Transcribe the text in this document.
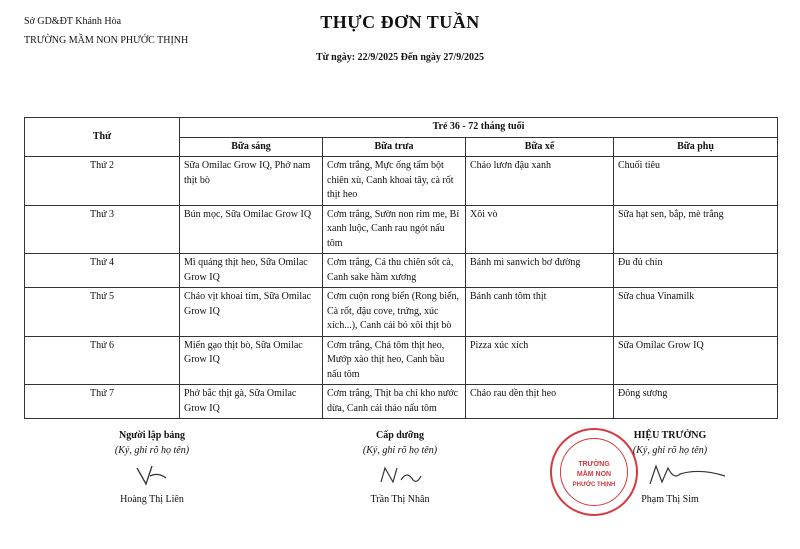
Sở GD&ĐT Khánh Hòa
TRƯỜNG MẦM NON PHƯỚC THỊNH
THỰC ĐƠN TUẦN
Từ ngày: 22/9/2025 Đến ngày 27/9/2025
Thứ	Trẻ 36 - 72 tháng tuổi			
	Bữa sáng	Bữa trưa	Bữa xế	Bữa phụ
Thứ 2	Sữa Omilac Grow IQ, Phở nam thịt bò	Cơm trắng, Mực ống tẩm bột chiên xù, Canh khoai tây, cà rốt thịt heo	Cháo lươn đậu xanh	Chuối tiêu
Thứ 3	Bún mọc, Sữa Omilac Grow IQ	Cơm trắng, Sườn non rim me, Bí xanh luộc, Canh rau ngót nấu tôm	Xôi vò	Sữa hạt sen, bắp, mè trắng
Thứ 4	Mì quảng thịt heo, Sữa Omilac Grow IQ	Cơm trắng, Cá thu chiên sốt cà, Canh sake hầm xương	Bánh mì sanwich bơ đường	Đu đủ chín
Thứ 5	Cháo vịt khoai tím, Sữa Omilac Grow IQ	Cơm cuộn rong biển (Rong biển, Cà rốt, đậu cove, trứng, xúc xích...), Canh cải bó xôi thịt bò	Bánh canh tôm thịt	Sữa chua Vinamilk
Thứ 6	Miến gạo thịt bò, Sữa Omilac Grow IQ	Cơm trắng, Chả tôm thịt heo, Mướp xào thịt heo, Canh bầu nấu tôm	Pizza xúc xích	Sữa Omilac Grow IQ
Thứ 7	Phở bắc thịt gà, Sữa Omilac Grow IQ	Cơm trắng, Thịt ba chỉ kho nước dừa, Canh cải thảo nấu tôm	Cháo rau dền thịt heo	Đông sương
Người lập bảng
(Ký, ghi rõ họ tên)
Hoàng Thị Liên
Cấp dưỡng
(Ký, ghi rõ họ tên)
Trần Thị Nhân
TRƯỜNG
MẦM NON
PHƯỚC THỊNH
HIỆU TRƯỞNG
(Ký, ghi rõ họ tên)
Phạm Thị Sim
